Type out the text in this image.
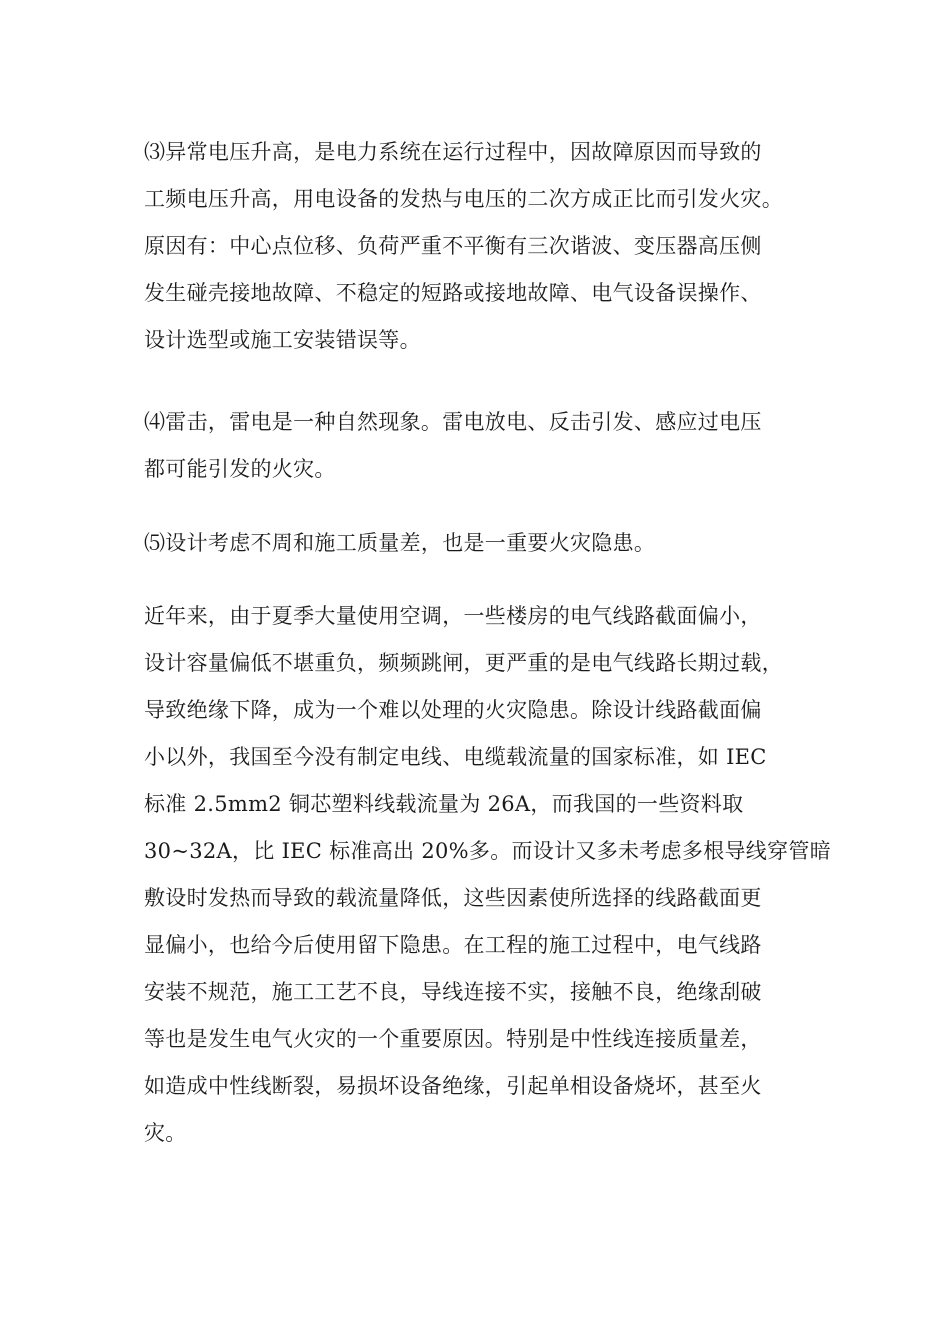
⑶异常电压升高，是电力系统在运行过程中，因故障原因而导致的
工频电压升高，用电设备的发热与电压的二次方成正比而引发火灾。
原因有：中心点位移、负荷严重不平衡有三次谐波、变压器高压侧
发生碰壳接地故障、不稳定的短路或接地故障、电气设备误操作、
设计选型或施工安装错误等。
⑷雷击，雷电是一种自然现象。雷电放电、反击引发、感应过电压
都可能引发的火灾。
⑸设计考虑不周和施工质量差，也是一重要火灾隐患。
近年来，由于夏季大量使用空调，一些楼房的电气线路截面偏小，
设计容量偏低不堪重负，频频跳闸，更严重的是电气线路长期过载，
导致绝缘下降，成为一个难以处理的火灾隐患。除设计线路截面偏
小以外，我国至今没有制定电线、电缆载流量的国家标准，如 IEC
标准 2.5mm2 铜芯塑料线载流量为 26A，而我国的一些资料取
30~32A，比 IEC 标准高出 20%多。而设计又多未考虑多根导线穿管暗
敷设时发热而导致的载流量降低，这些因素使所选择的线路截面更
显偏小，也给今后使用留下隐患。在工程的施工过程中，电气线路
安装不规范，施工工艺不良，导线连接不实，接触不良，绝缘刮破
等也是发生电气火灾的一个重要原因。特别是中性线连接质量差，
如造成中性线断裂，易损坏设备绝缘，引起单相设备烧坏，甚至火
灾。
